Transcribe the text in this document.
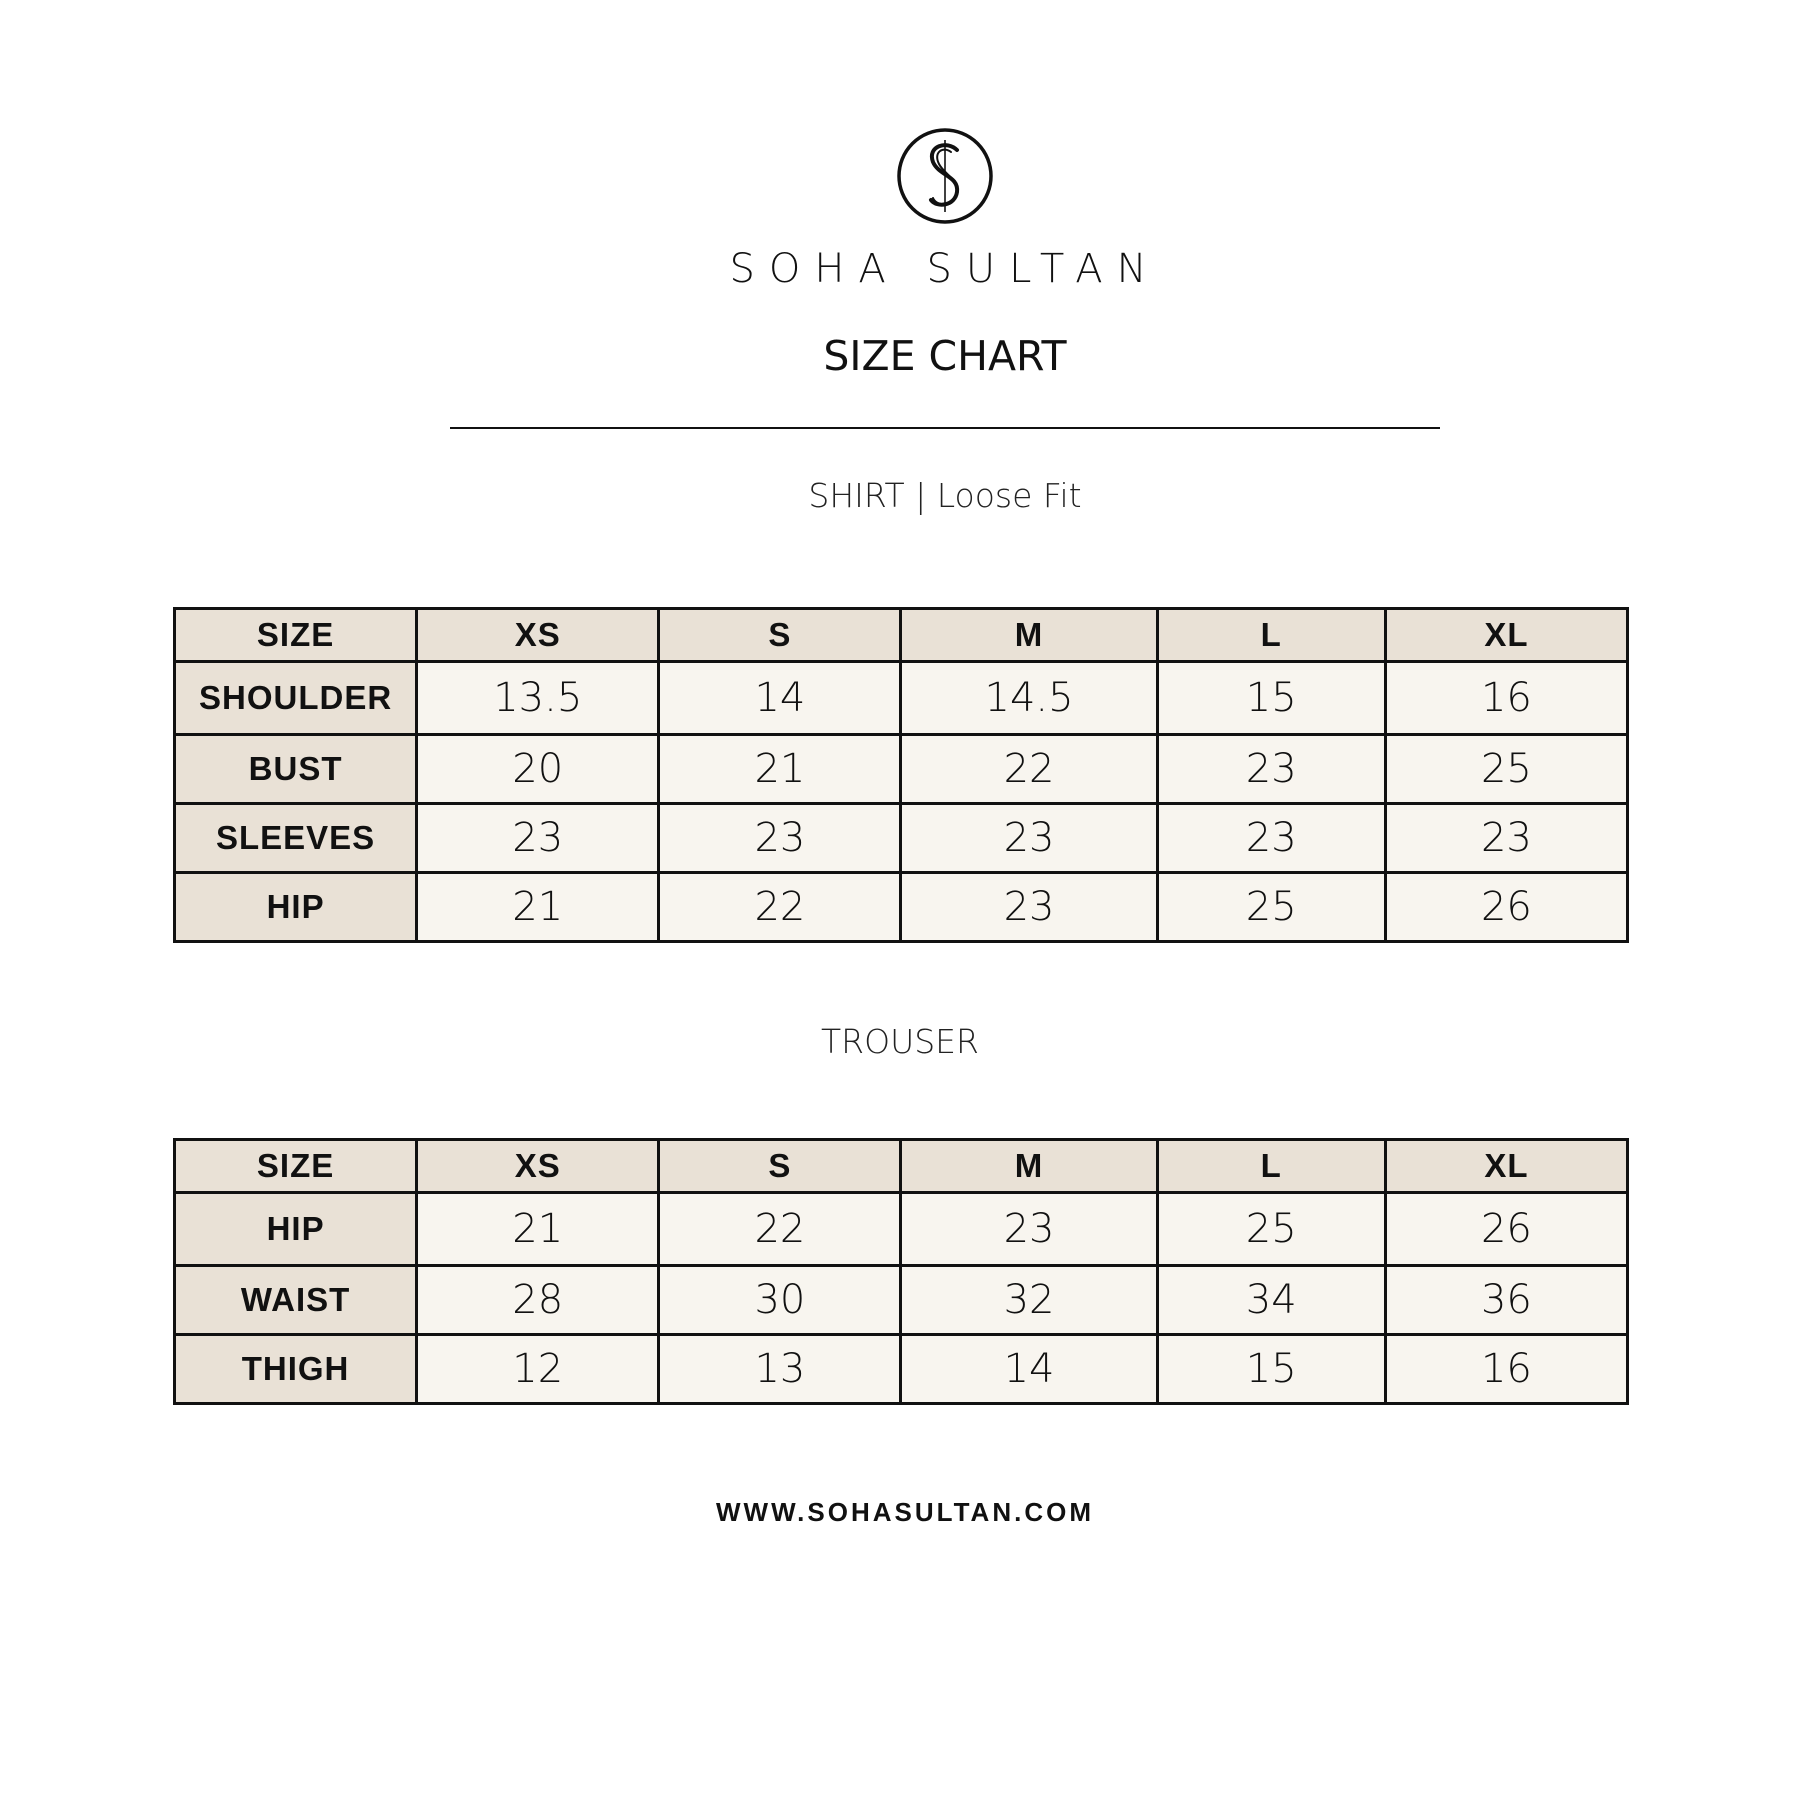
SOHA SULTAN
SIZE CHART
SHIRT | Loose Fit
SIZE	XS	S	M	L	XL
SHOULDER	13.5	14	14.5	15	16
BUST	20	21	22	23	25
SLEEVES	23	23	23	23	23
HIP	21	22	23	25	26
TROUSER
SIZE	XS	S	M	L	XL
HIP	21	22	23	25	26
WAIST	28	30	32	34	36
THIGH	12	13	14	15	16
WWW.SOHASULTAN.COM
